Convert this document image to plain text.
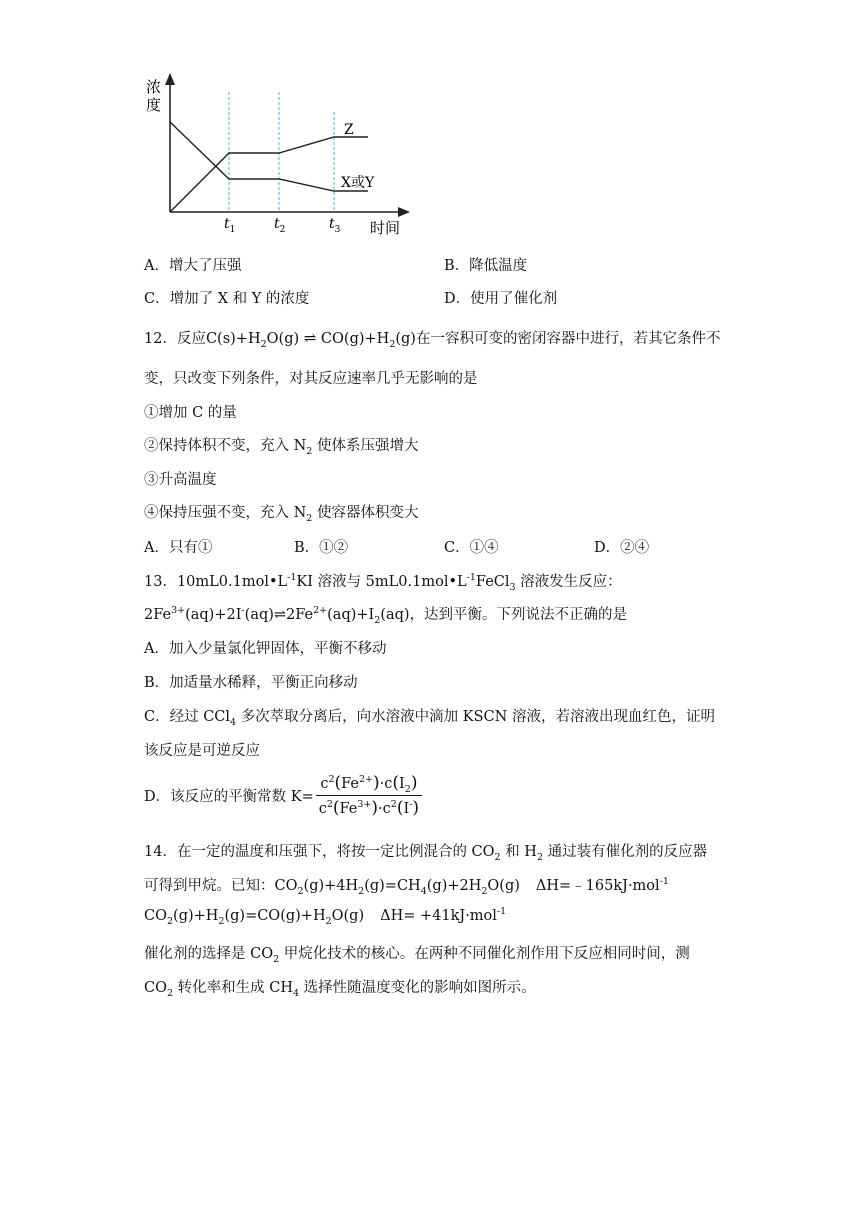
浓
度
Z
X或Y
$t_1$	$t_2$	$t_3$ 时间
A．增大了压强	B．降低温度
C．增加了 X 和 Y 的浓度	D．使用了催化剂
12．反应$C(s)+H_2O(g)$ ⇌ $CO(g)+H_2(g)$在一容积可变的密闭容器中进行，若其它条件不
变，只改变下列条件，对其反应速率几乎无影响的是
①增加 C 的量
②保持体积不变，充入 $N_2$ 使体系压强增大
③升高温度
④保持压强不变，充入 $N_2$ 使容器体积变大
A．只有①	B．①②	C．①④	D．②④
13．$10mL0.1mol•L^{-1}KI$ 溶液与 $5mL0.1mol•L^{-1}FeCl_3$ 溶液发生反应：
$2Fe^{3+}(aq)+2I^-(aq)\rightleftharpoons 2Fe^{2+}(aq)+I_2(aq)$，达到平衡。下列说法不正确的是
A．加入少量氯化钾固体，平衡不移动
B．加适量水稀释，平衡正向移动
C．经过 CCl$_4$ 多次萃取分离后，向水溶液中滴加 KSCN 溶液，若溶液出现血红色，证明
该反应是可逆反应
D．该反应的平衡常数 $K= \frac{c^2(Fe^{2+})\cdot c(I_2)}{c^2(Fe^{3+})\cdot c^2(I^-)}$
14．在一定的温度和压强下，将按一定比例混合的 $CO_2$ 和 $H_2$ 通过装有催化剂的反应器
可得到甲烷。已知：$CO_2(g)+4H_2(g)=CH_4(g)+2H_2O(g)$ ΔH=﹣165kJ·mol$^{-1}$
$CO_2(g)+H_2(g)=CO(g)+H_2O(g)$ ΔH= +41kJ·mol$^{-1}$
催化剂的选择是 $CO_2$ 甲烷化技术的核心。在两种不同催化剂作用下反应相同时间，测
$CO_2$ 转化率和生成 $CH_4$ 选择性随温度变化的影响如图所示。
